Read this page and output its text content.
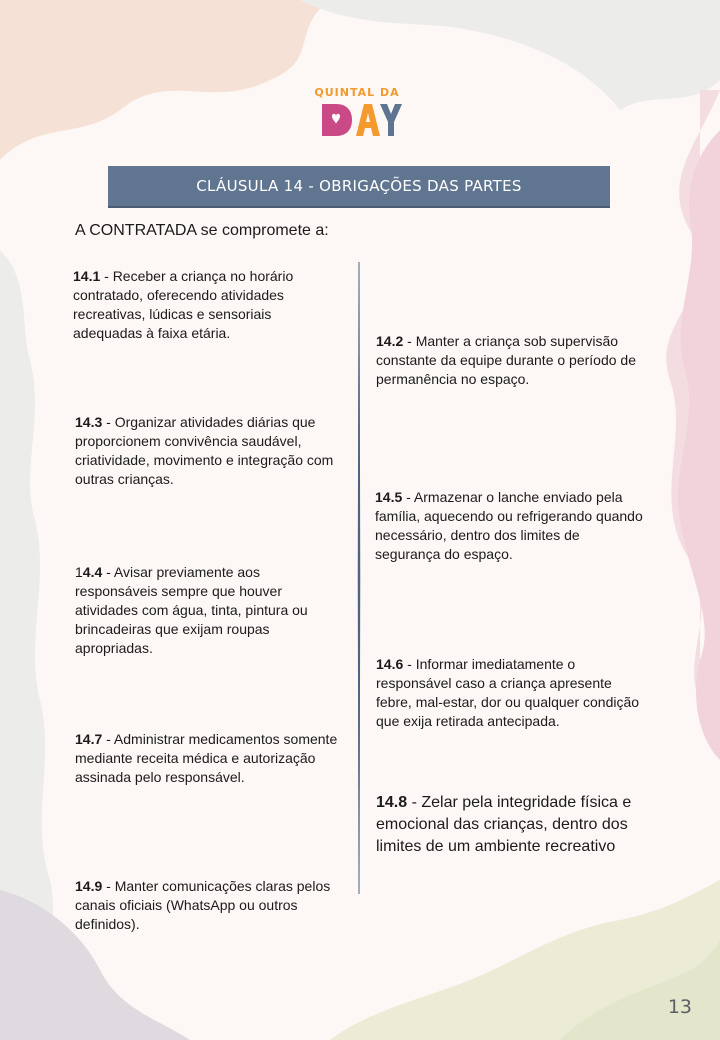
QUINTAL DA
CLÁUSULA 14 - OBRIGAÇÕES DAS PARTES
A CONTRATADA se compromete a:
14.1 - Receber a criança no horário contratado, oferecendo atividades recreativas, lúdicas e sensoriais adequadas à faixa etária.
14.3 - Organizar atividades diárias que proporcionem convivência saudável, criatividade, movimento e integração com outras crianças.
14.4 - Avisar previamente aos responsáveis sempre que houver atividades com água, tinta, pintura ou brincadeiras que exijam roupas apropriadas.
14.7 - Administrar medicamentos somente mediante receita médica e autorização assinada pelo responsável.
14.9 - Manter comunicações claras pelos canais oficiais (WhatsApp ou outros definidos).
14.2 - Manter a criança sob supervisão constante da equipe durante o período de permanência no espaço.
14.5 - Armazenar o lanche enviado pela família, aquecendo ou refrigerando quando necessário, dentro dos limites de segurança do espaço.
14.6 - Informar imediatamente o responsável caso a criança apresente febre, mal-estar, dor ou qualquer condição que exija retirada antecipada.
14.8 - Zelar pela integridade física e emocional das crianças, dentro dos limites de um ambiente recreativo
13
